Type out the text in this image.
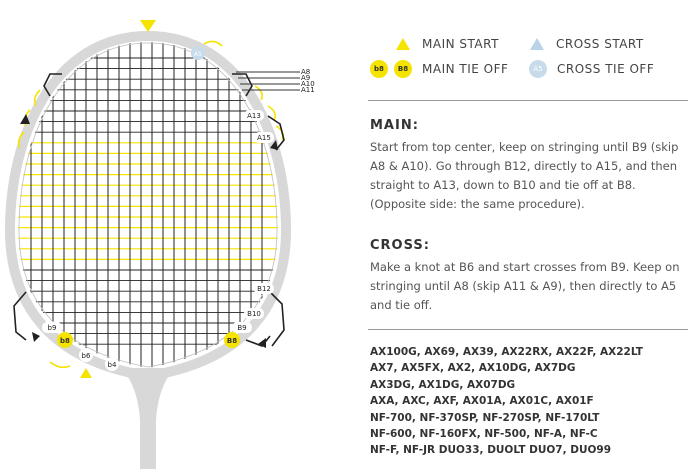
A8
A9
A10
A11
A13
A15
B12
B10
B9
b9
b6
b4
b8	B8
A5
MAIN START	CROSS START
b8	B8	MAIN TIE OFF	A5	CROSS TIE OFF
MAIN:

Start from top center, keep on stringing until B9 (skip A8 & A10). Go through B12, directly to A15, and then straight to A13, down to B10 and tie off at B8. (Opposite side: the same procedure).

CROSS:

Make a knot at B6 and start crosses from B9. Keep on stringing until A8 (skip A11 & A9), then directly to A5 and tie off.

AX100G, AX69, AX39, AX22RX, AX22F, AX22LT
AX7, AX5FX, AX2, AX10DG, AX7DG
AX3DG, AX1DG, AX07DG
AXA, AXC, AXF, AX01A, AX01C, AX01F
NF-700, NF-370SP, NF-270SP, NF-170LT
NF-600, NF-160FX, NF-500, NF-A, NF-C
NF-F, NF-JR DUO33, DUOLT DUO7, DUO99
